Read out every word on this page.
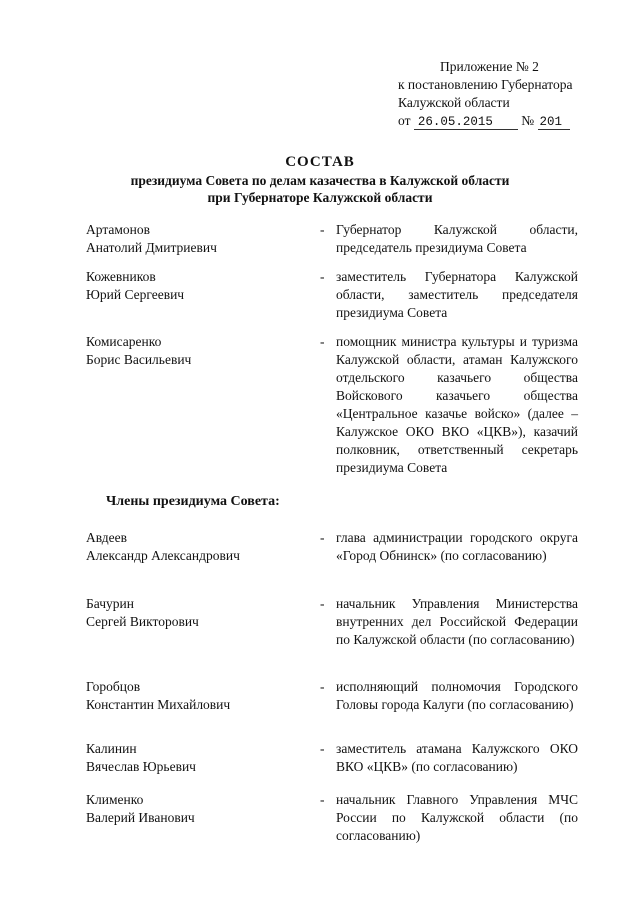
Приложение № 2
к постановлению Губернатора
Калужской области
от 26.05.2015 № 201
СОСТАВ
президиума Совета по делам казачества в Калужской области
при Губернаторе Калужской области
Артамонов
Анатолий Дмитриевич
- Губернатор Калужской области, председатель президиума Совета
Кожевников
Юрий Сергеевич
- заместитель Губернатора Калужской области, заместитель председателя президиума Совета
Комисаренко
Борис Васильевич
- помощник министра культуры и туризма Калужской области, атаман Калужского отдельского казачьего общества Войскового казачьего общества «Центральное казачье войско» (далее – Калужское ОКО ВКО «ЦКВ»), казачий полковник, ответственный секретарь президиума Совета
Члены президиума Совета:
Авдеев
Александр Александрович
- глава администрации городского округа «Город Обнинск» (по согласованию)
Бачурин
Сергей Викторович
- начальник Управления Министерства внутренних дел Российской Федерации по Калужской области (по согласованию)
Горобцов
Константин Михайлович
- исполняющий полномочия Городского Головы города Калуги (по согласованию)
Калинин
Вячеслав Юрьевич
- заместитель атамана Калужского ОКО ВКО «ЦКВ» (по согласованию)
Клименко
Валерий Иванович
- начальник Главного Управления МЧС России по Калужской области (по согласованию)
